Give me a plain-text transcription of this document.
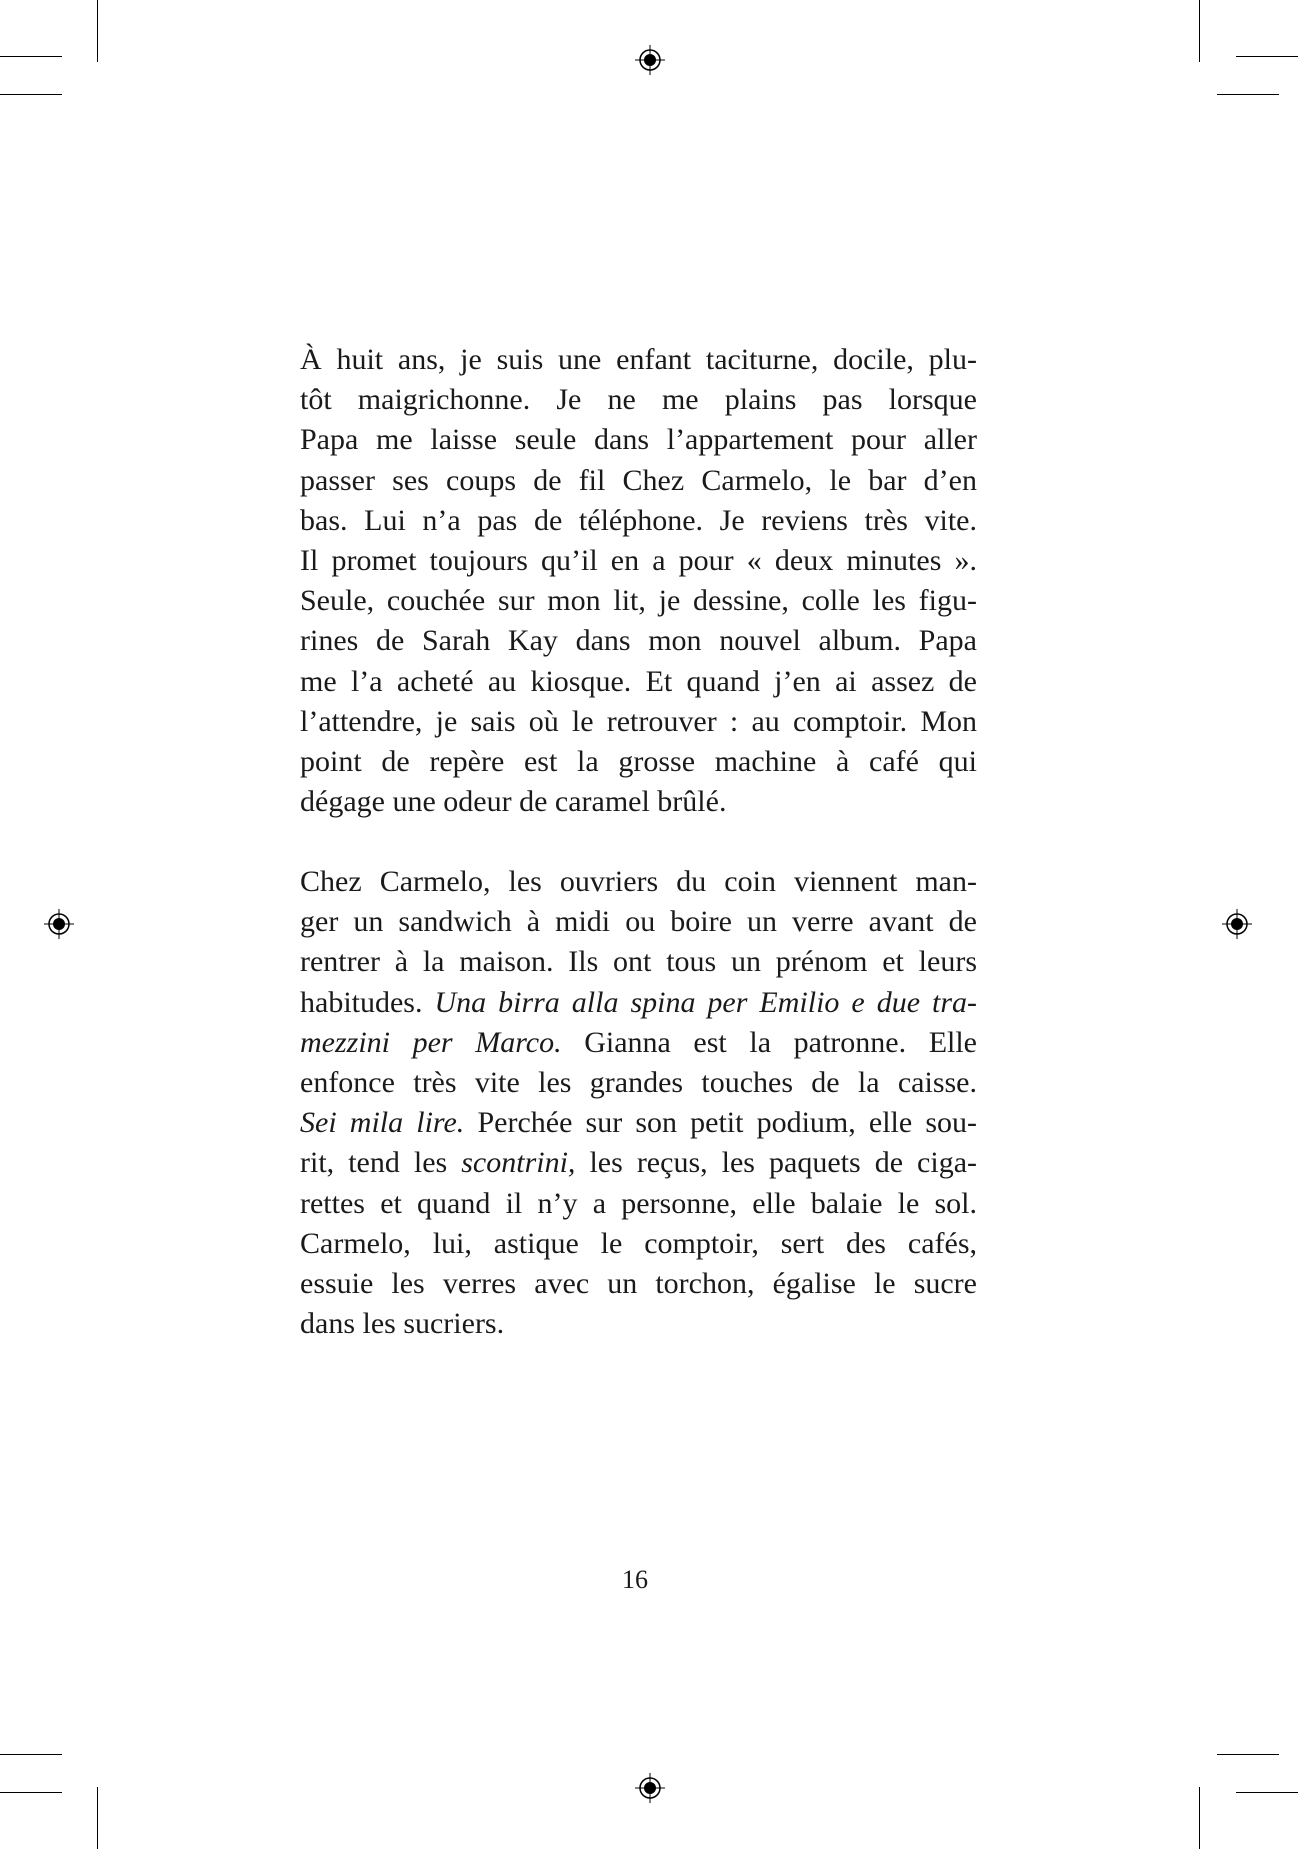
À huit ans, je suis une enfant taciturne, docile, plu-
tôt maigrichonne. Je ne me plains pas lorsque
Papa me laisse seule dans l’appartement pour aller
passer ses coups de fil Chez Carmelo, le bar d’en
bas. Lui n’a pas de téléphone. Je reviens très vite.
Il promet toujours qu’il en a pour « deux minutes ».
Seule, couchée sur mon lit, je dessine, colle les figu-
rines de Sarah Kay dans mon nouvel album. Papa
me l’a acheté au kiosque. Et quand j’en ai assez de
l’attendre, je sais où le retrouver : au comptoir. Mon
point de repère est la grosse machine à café qui
dégage une odeur de caramel brûlé.
Chez Carmelo, les ouvriers du coin viennent man-
ger un sandwich à midi ou boire un verre avant de
rentrer à la maison. Ils ont tous un prénom et leurs
habitudes. Una birra alla spina per Emilio e due tra-
mezzini per Marco. Gianna est la patronne. Elle
enfonce très vite les grandes touches de la caisse.
Sei mila lire. Perchée sur son petit podium, elle sou-
rit, tend les scontrini, les reçus, les paquets de ciga-
rettes et quand il n’y a personne, elle balaie le sol.
Carmelo, lui, astique le comptoir, sert des cafés,
essuie les verres avec un torchon, égalise le sucre
dans les sucriers.
16
